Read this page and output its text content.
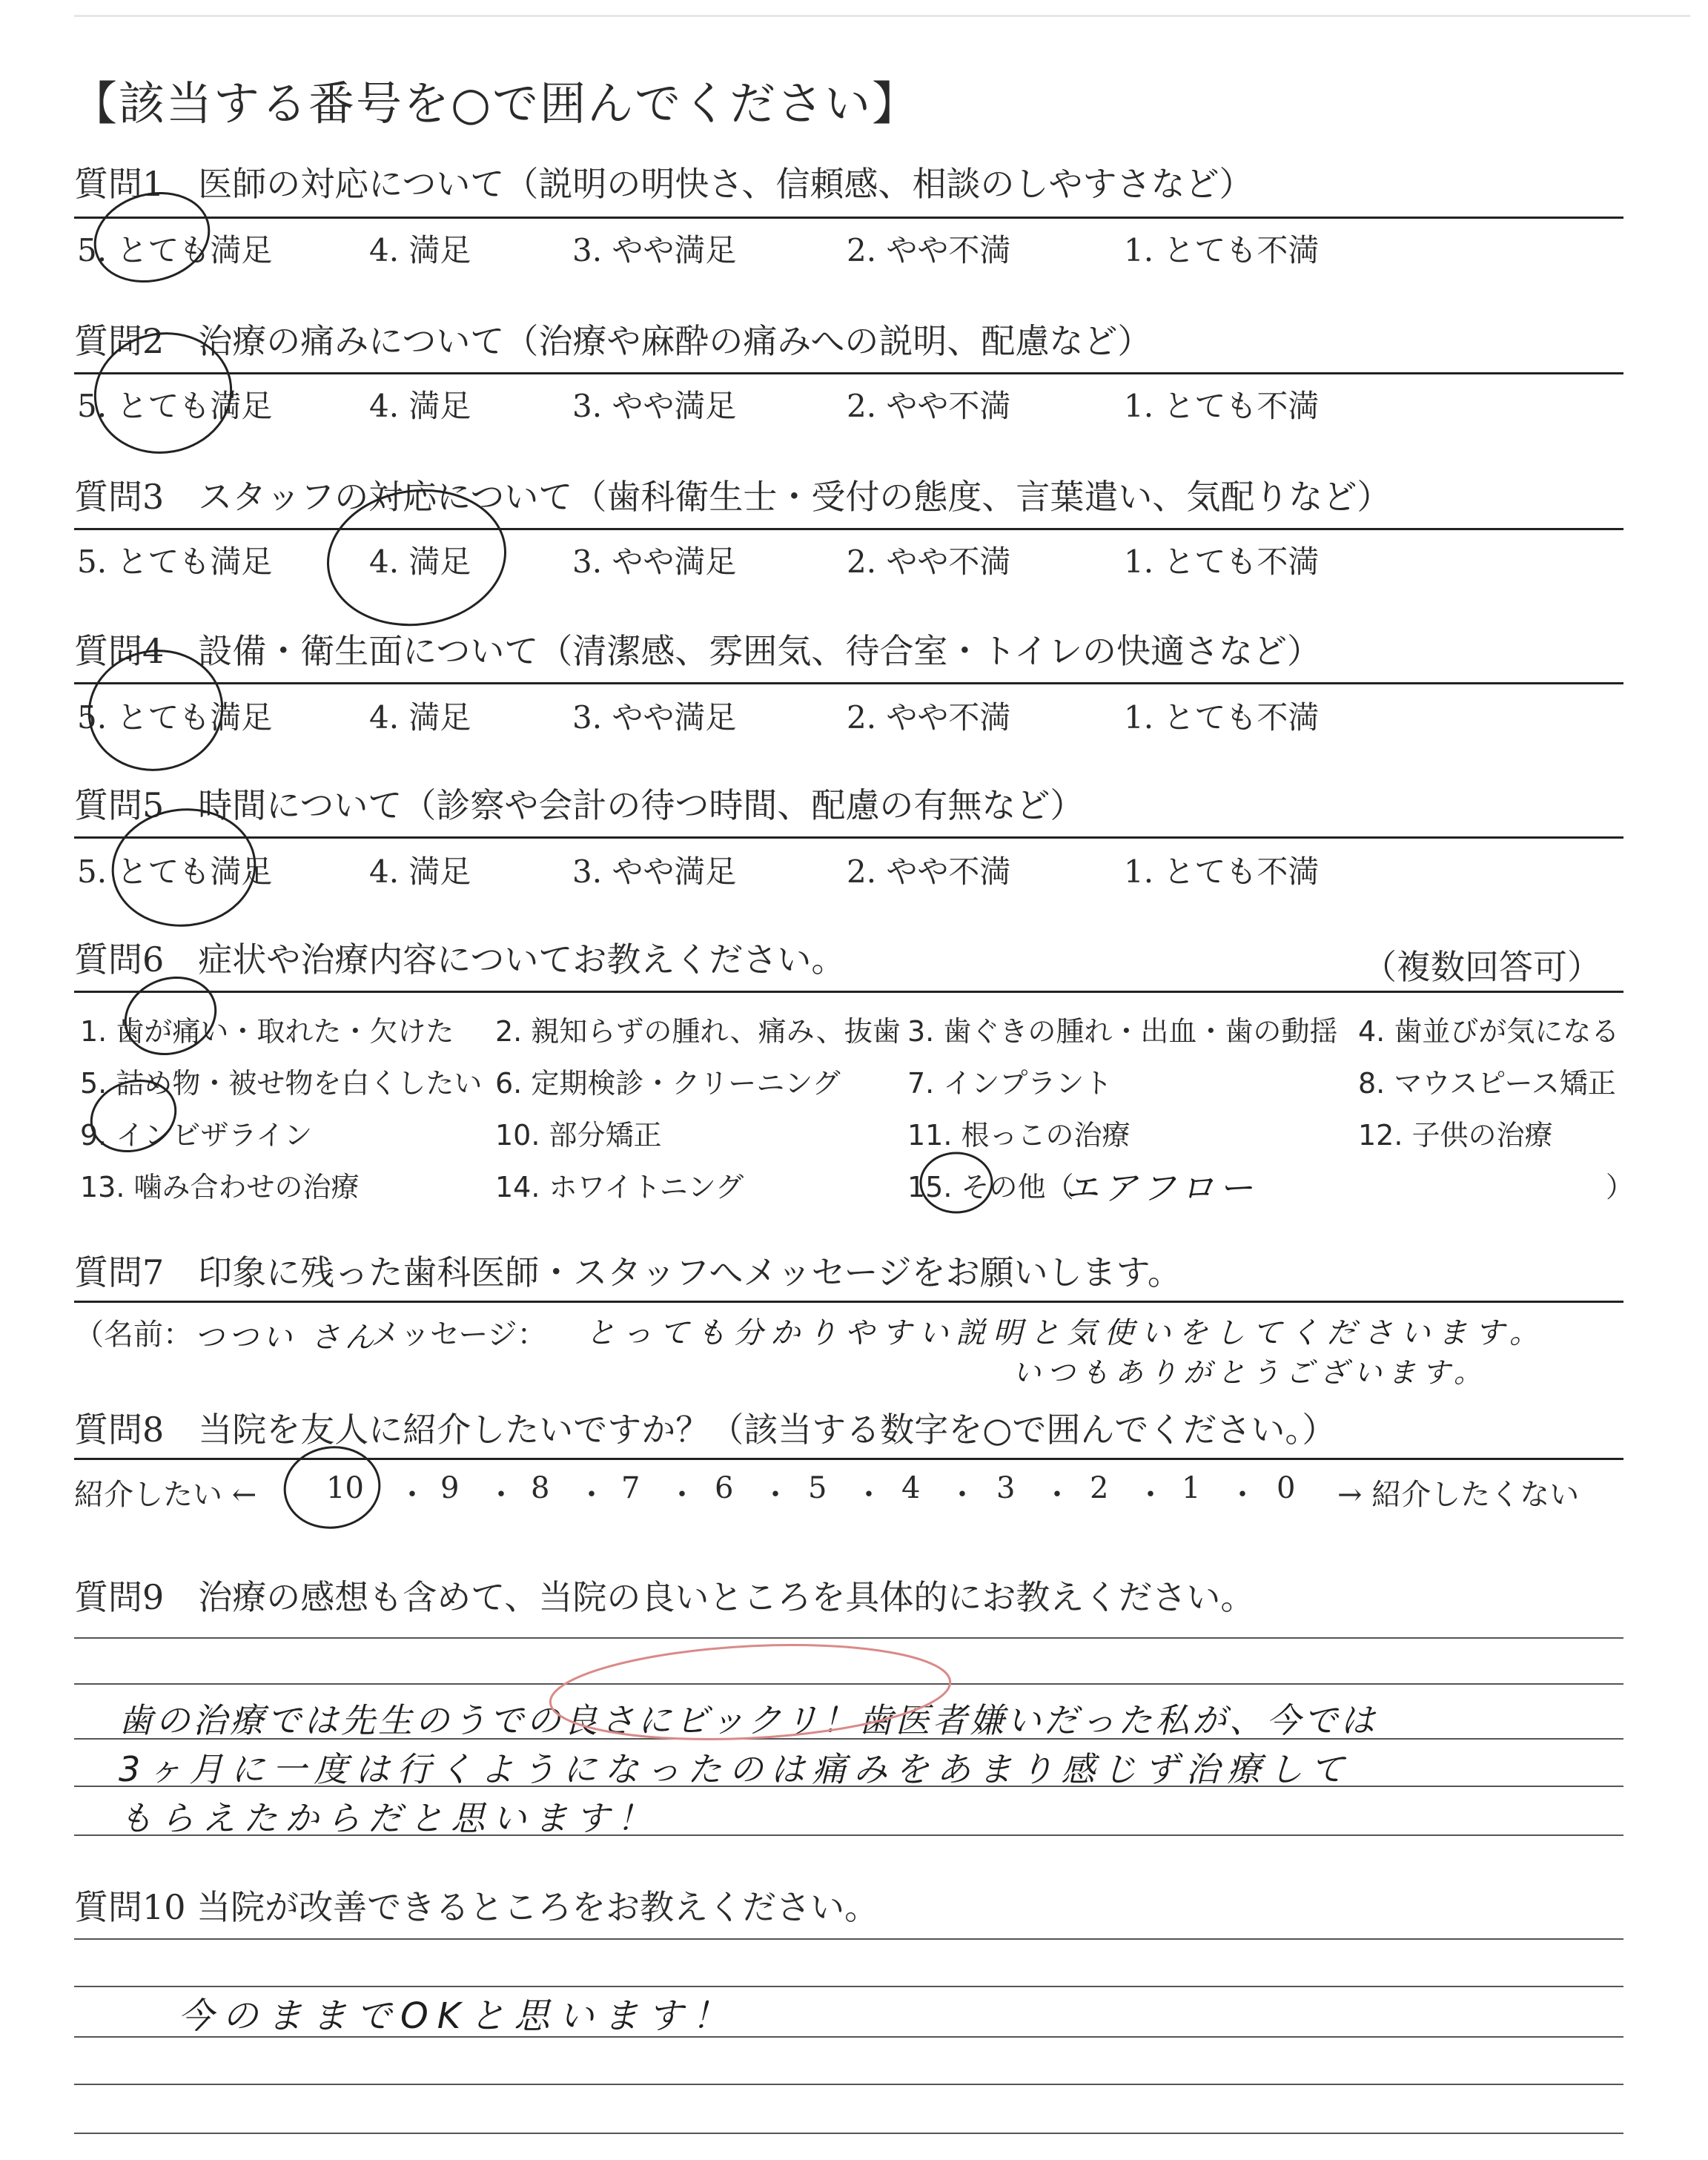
【該当する番号を○で囲んでください】
質問1　医師の対応について（説明の明快さ、信頼感、相談のしやすさなど）
5. とても満足	4. 満足	3. やや満足	2. やや不満	1. とても不満
質問2　治療の痛みについて（治療や麻酔の痛みへの説明、配慮など）
5. とても満足	4. 満足	3. やや満足	2. やや不満	1. とても不満
質問3　スタッフの対応について（歯科衛生士・受付の態度、言葉遣い、気配りなど）
5. とても満足	4. 満足	3. やや満足	2. やや不満	1. とても不満
質問4　設備・衛生面について（清潔感、雰囲気、待合室・トイレの快適さなど）
5. とても満足	4. 満足	3. やや満足	2. やや不満	1. とても不満
質問5　時間について（診察や会計の待つ時間、配慮の有無など）
5. とても満足	4. 満足	3. やや満足	2. やや不満	1. とても不満
質問6　症状や治療内容についてお教えください。	（複数回答可）
1. 歯が痛い・取れた・欠けた 2. 親知らずの腫れ、痛み、抜歯 3. 歯ぐきの腫れ・出血・歯の動揺 4. 歯並びが気になる
5. 詰め物・被せ物を白くしたい 6. 定期検診・クリーニング 7. インプラント	8. マウスピース矯正
9. インビザライン	10. 部分矯正	11. 根っこの治療	12. 子供の治療
13. 噛み合わせの治療	14. ホワイトニング	15. その他（
エアフロー	）
質問7　印象に残った歯科医師・スタッフへメッセージをお願いします。
（名前： つつい さん
メッセージ： とっても分かりやすい説明と気使いをしてくださいます。
いつもありがとうございます。
質問8　当院を友人に紹介したいですか？（該当する数字を○で囲んでください。）
紹介したい ← 10 ・ 9 ・ 8 ・ 7 ・ 6 ・ 5 ・ 4 ・ 3 ・ 2 ・ 1 ・ 0 → 紹介したくない
質問9　治療の感想も含めて、当院の良いところを具体的にお教えください。
歯の治療では先生のうでの良さにビックリ！歯医者嫌いだった私が、今では
3ヶ月に一度は行くようになったのは痛みをあまり感じず治療して
もらえたからだと思います！
質問10 当院が改善できるところをお教えください。
今のままでOKと思います！
